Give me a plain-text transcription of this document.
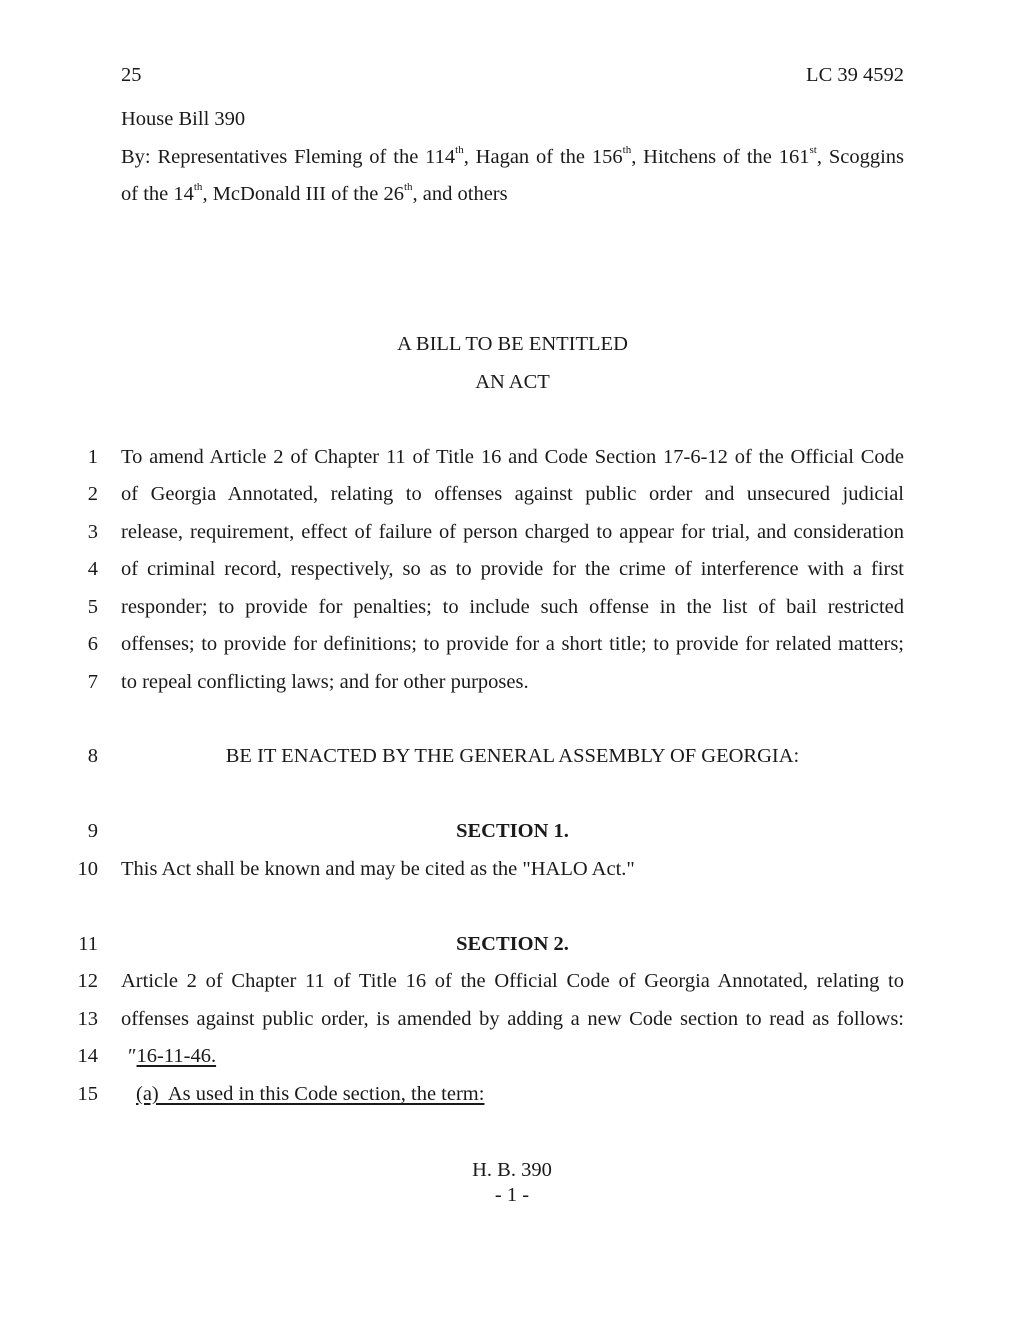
25	LC 39 4592
House Bill 390
By: Representatives Fleming of the 114th, Hagan of the 156th, Hitchens of the 161st, Scoggins
of the 14th, McDonald III of the 26th, and others
A BILL TO BE ENTITLED
AN ACT
1 To amend Article 2 of Chapter 11 of Title 16 and Code Section 17-6-12 of the Official Code
2 of Georgia Annotated, relating to offenses against public order and unsecured judicial
3 release, requirement, effect of failure of person charged to appear for trial, and consideration
4 of criminal record, respectively, so as to provide for the crime of interference with a first
5 responder; to provide for penalties; to include such offense in the list of bail restricted
6 offenses; to provide for definitions; to provide for a short title; to provide for related matters;
7 to repeal conflicting laws; and for other purposes.
8	BE IT ENACTED BY THE GENERAL ASSEMBLY OF GEORGIA:
9	SECTION 1.
10 This Act shall be known and may be cited as the "HALO Act."
11	SECTION 2.
12 Article 2 of Chapter 11 of Title 16 of the Official Code of Georgia Annotated, relating to
13 offenses against public order, is amended by adding a new Code section to read as follows:
14 ″16-11-46.
15 (a)  As used in this Code section, the term:
H. B. 390
- 1 -
